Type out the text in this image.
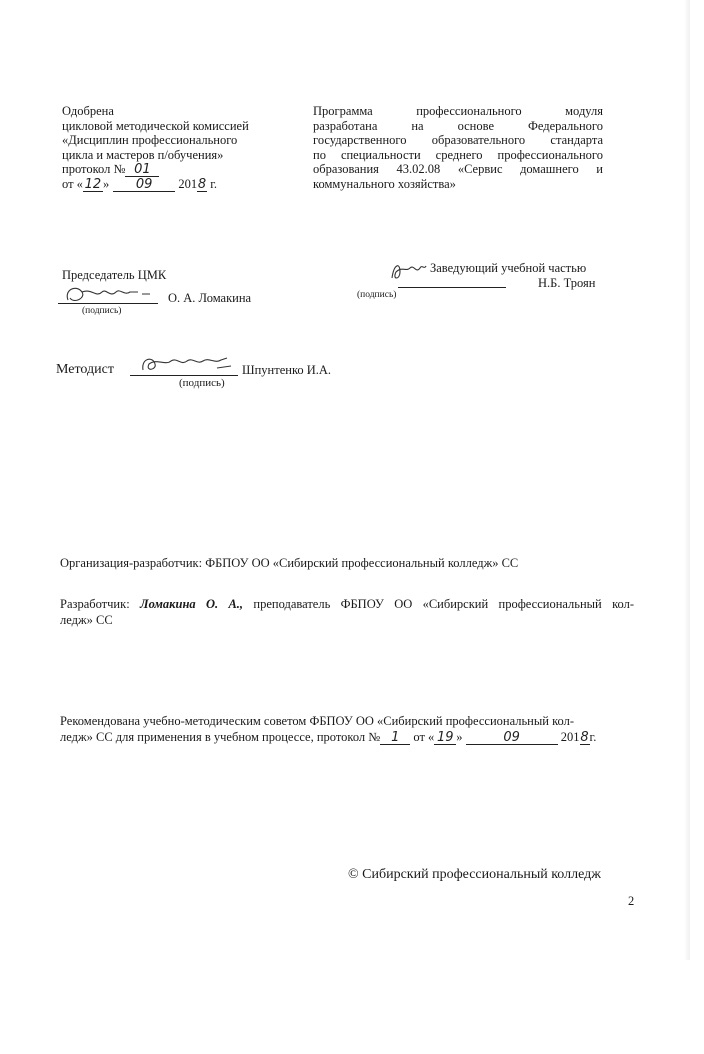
Одобрена
цикловой методической комиссией
«Дисциплин профессионального
цикла и мастеров п/обучения»
протокол № 01
от « 12 » 09 2018 г.
Программа профессионального модуля
разработана на основе Федерального
государственного образовательного стандарта
по специальности среднего профессионального
образования 43.02.08 «Сервис домашнего и
коммунального хозяйства»
Председатель ЦМК
(подпись)
О. А. Ломакина	(подпись)
Заведующий учебной частью
Н.Б. Троян
Методист
(подпись)
Шпунтенко И.А.
Организация-разработчик: ФБПОУ ОО «Сибирский профессиональный колледж» СС
Разработчик: Ломакина О. А., преподаватель ФБПОУ ОО «Сибирский профессиональный кол-
ледж» СС
Рекомендована учебно-методическим советом ФБПОУ ОО «Сибирский профессиональный кол-
ледж» СС для применения в учебном процессе, протокол № 1 от « 19 »	09	2018г.
© Сибирский профессиональный колледж
2
